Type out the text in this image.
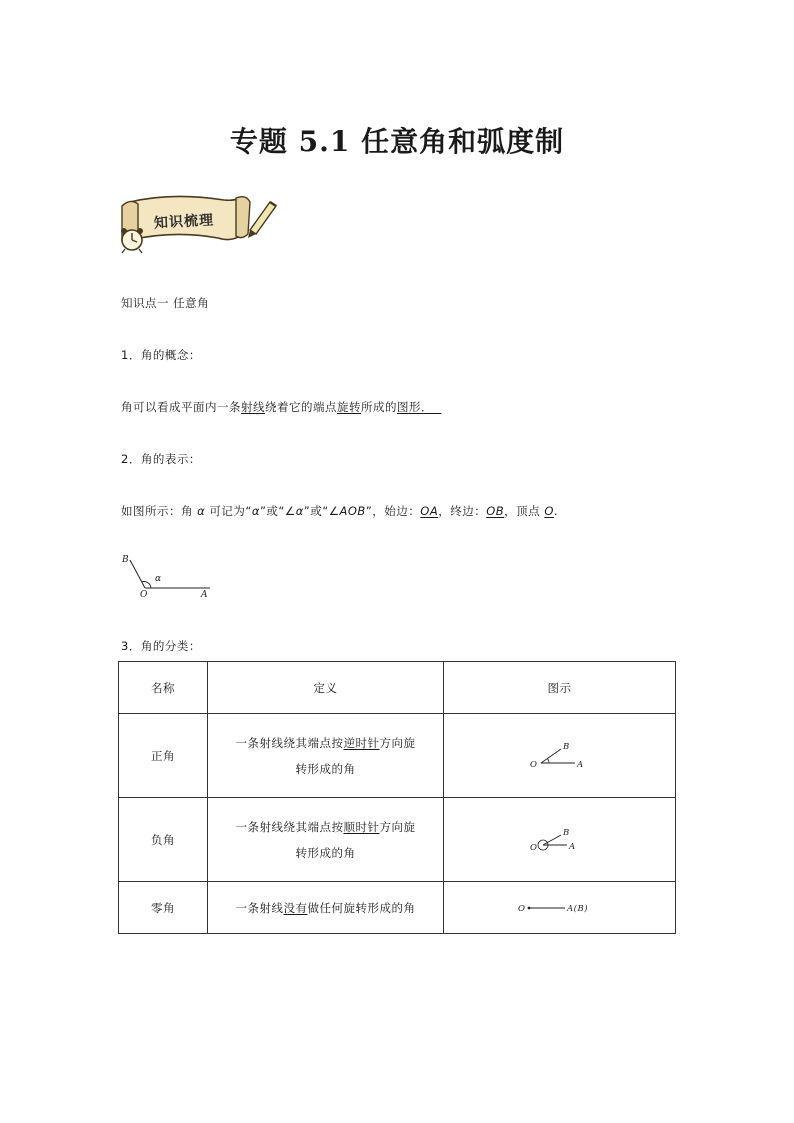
专题 5.1 任意角和弧度制
知识梳理
知识点一 任意角
1．角的概念：
角可以看成平面内一条射线绕着它的端点旋转所成的图形．
2．角的表示：
如图所示：角 α 可记为“α”或“∠α”或“∠AOB”，始边：OA，终边：OB，顶点 O.
B
O	A
α
3．角的分类：
名称	定义	图示
正角	一条射线绕其端点按逆时针方向旋
转形成的角	O A
B

负角	一条射线绕其端点按顺时针方向旋
转形成的角	O A
B

零角	一条射线没有做任何旋转形成的角	O A(B)
